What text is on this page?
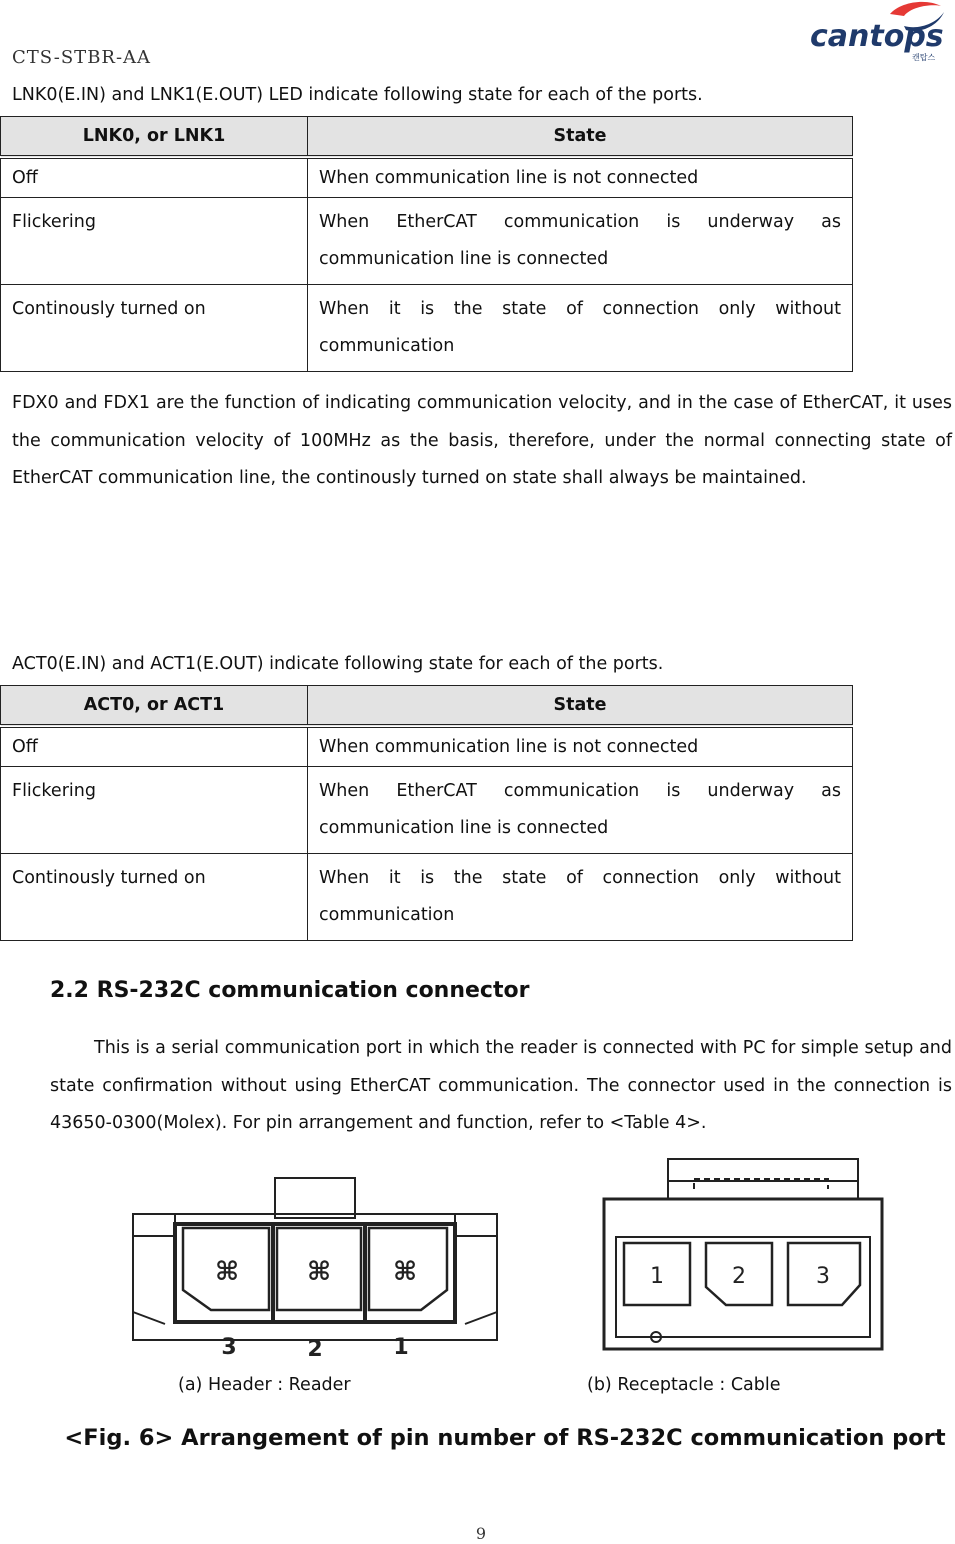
CTS-STBR-AA
cantops
캔탑스
LNK0(E.IN) and LNK1(E.OUT) LED indicate following state for each of the ports.
LNK0, or LNK1	State
Off	When communication line is not connected
Flickering	When EtherCAT communication is underway as communication line is connected
Continously turned on	When it is the state of connection only without communication
FDX0 and FDX1 are the function of indicating communication velocity, and in the case of EtherCAT, it uses the communication velocity of 100MHz as the basis, therefore, under the normal connecting state of EtherCAT communication line, the continously turned on state shall always be maintained.
ACT0(E.IN) and ACT1(E.OUT) indicate following state for each of the ports.
ACT0, or ACT1	State
Off	When communication line is not connected
Flickering	When EtherCAT communication is underway as communication line is connected
Continously turned on	When it is the state of connection only without communication
2.2 RS-232C communication connector
This is a serial communication port in which the reader is connected with PC for simple setup and state confirmation without using EtherCAT communication. The connector used in the connection is 43650-0300(Molex). For pin arrangement and function, refer to <Table 4>.
⌘	⌘ ⌘
3	2	1
1	2	3
(a) Header : Reader	(b) Receptacle : Cable
<Fig. 6> Arrangement of pin number of RS-232C communication port
9
